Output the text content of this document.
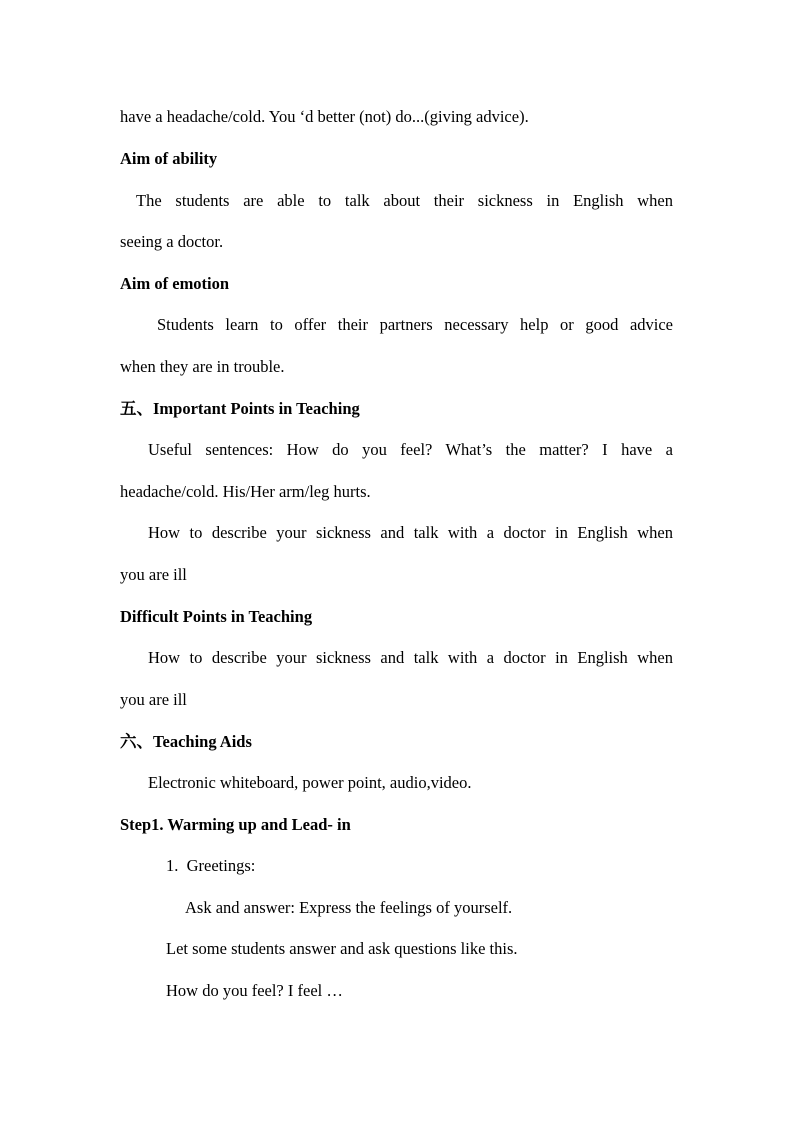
have a headache/cold. You ‘d better (not) do...(giving advice).
Aim of ability
The students are able to talk about their sickness in English when
seeing a doctor.
Aim of emotion
Students learn to offer their partners necessary help or good advice
when they are in trouble.
五、Important Points in Teaching
Useful sentences: How do you feel? What’s the matter? I have a
headache/cold. His/Her arm/leg hurts.
How to describe your sickness and talk with a doctor in English when
you are ill
Difficult Points in Teaching
How to describe your sickness and talk with a doctor in English when
you are ill
六、Teaching Aids
Electronic whiteboard, power point, audio,video.
Step1. Warming up and Lead- in
1.  Greetings:
Ask and answer: Express the feelings of yourself.
Let some students answer and ask questions like this.
How do you feel? I feel …
